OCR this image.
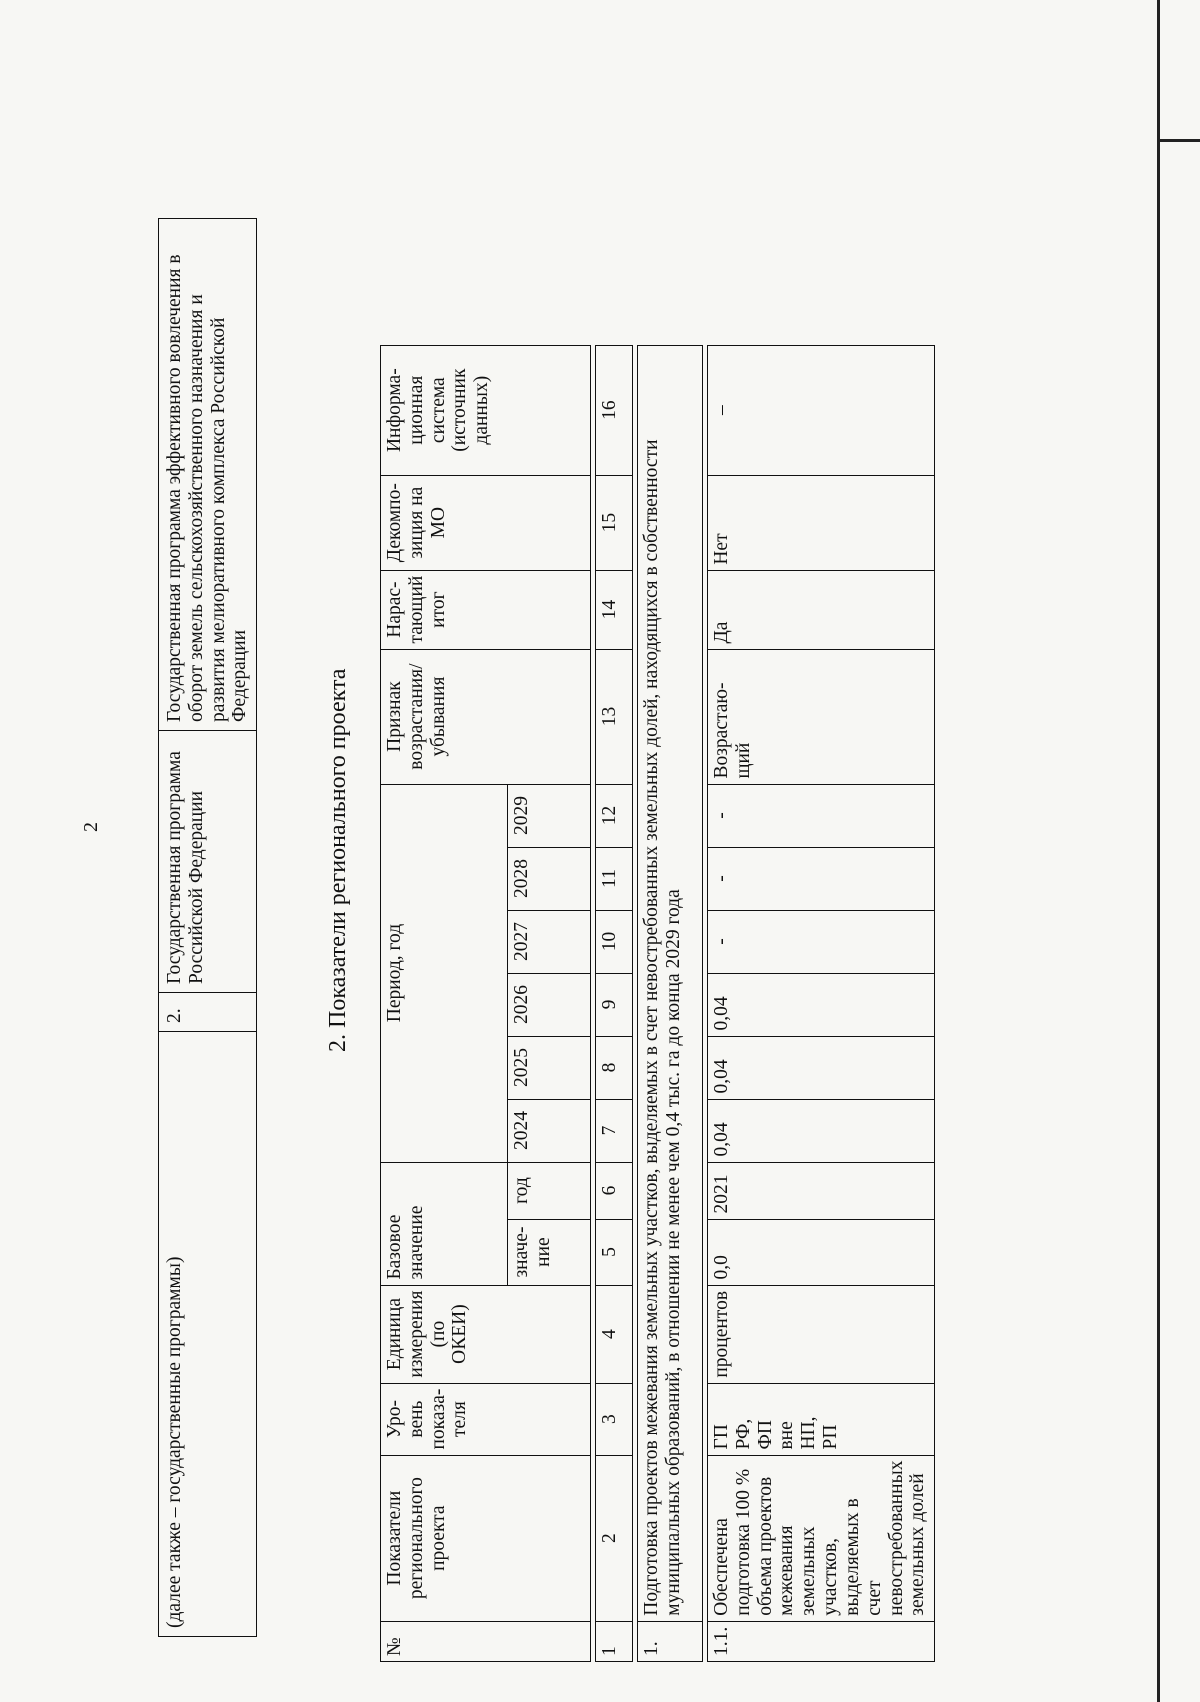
(далее также – государственные программы)	2.	Государственная программа Российской Федерации	Государственная программа эффективного вовлечения в оборот земель сельскохозяйственного назначения и развития мелиоративного комплекса Российской Федерации
2	2. Показатели регионального проекта
№	Показатели регионального проекта	Уро-вень показа-теля	Единица измерения (по ОКЕИ)	Базовое значение		Период, год						Признак возрастания/ убывания	Нарас-тающий итог	Декомпо-зиция на МО	Информа-ционная система (источник данных)
				значе-ние	год	2024	2025	2026	2027	2028	2029				

1	2	3	4	5	6	7	8	9	10	11	12	13	14	15	16

1.	Подготовка проектов межевания земельных участков, выделяемых в счет невостребованных земельных долей, находящихся в собственности муниципальных образований, в отношении не менее чем 0,4 тыс. га до конца 2029 года														

1.1.	Обеспечена подготовка 100 % объема проектов межевания земельных участков, выделяемых в счет невостребованных земельных долей	ГП РФ, ФП вне НП, РП	процентов	0,0	2021	0,04	0,04	0,04	-	-	-	Возрастаю-щий	Да	Нет	–
